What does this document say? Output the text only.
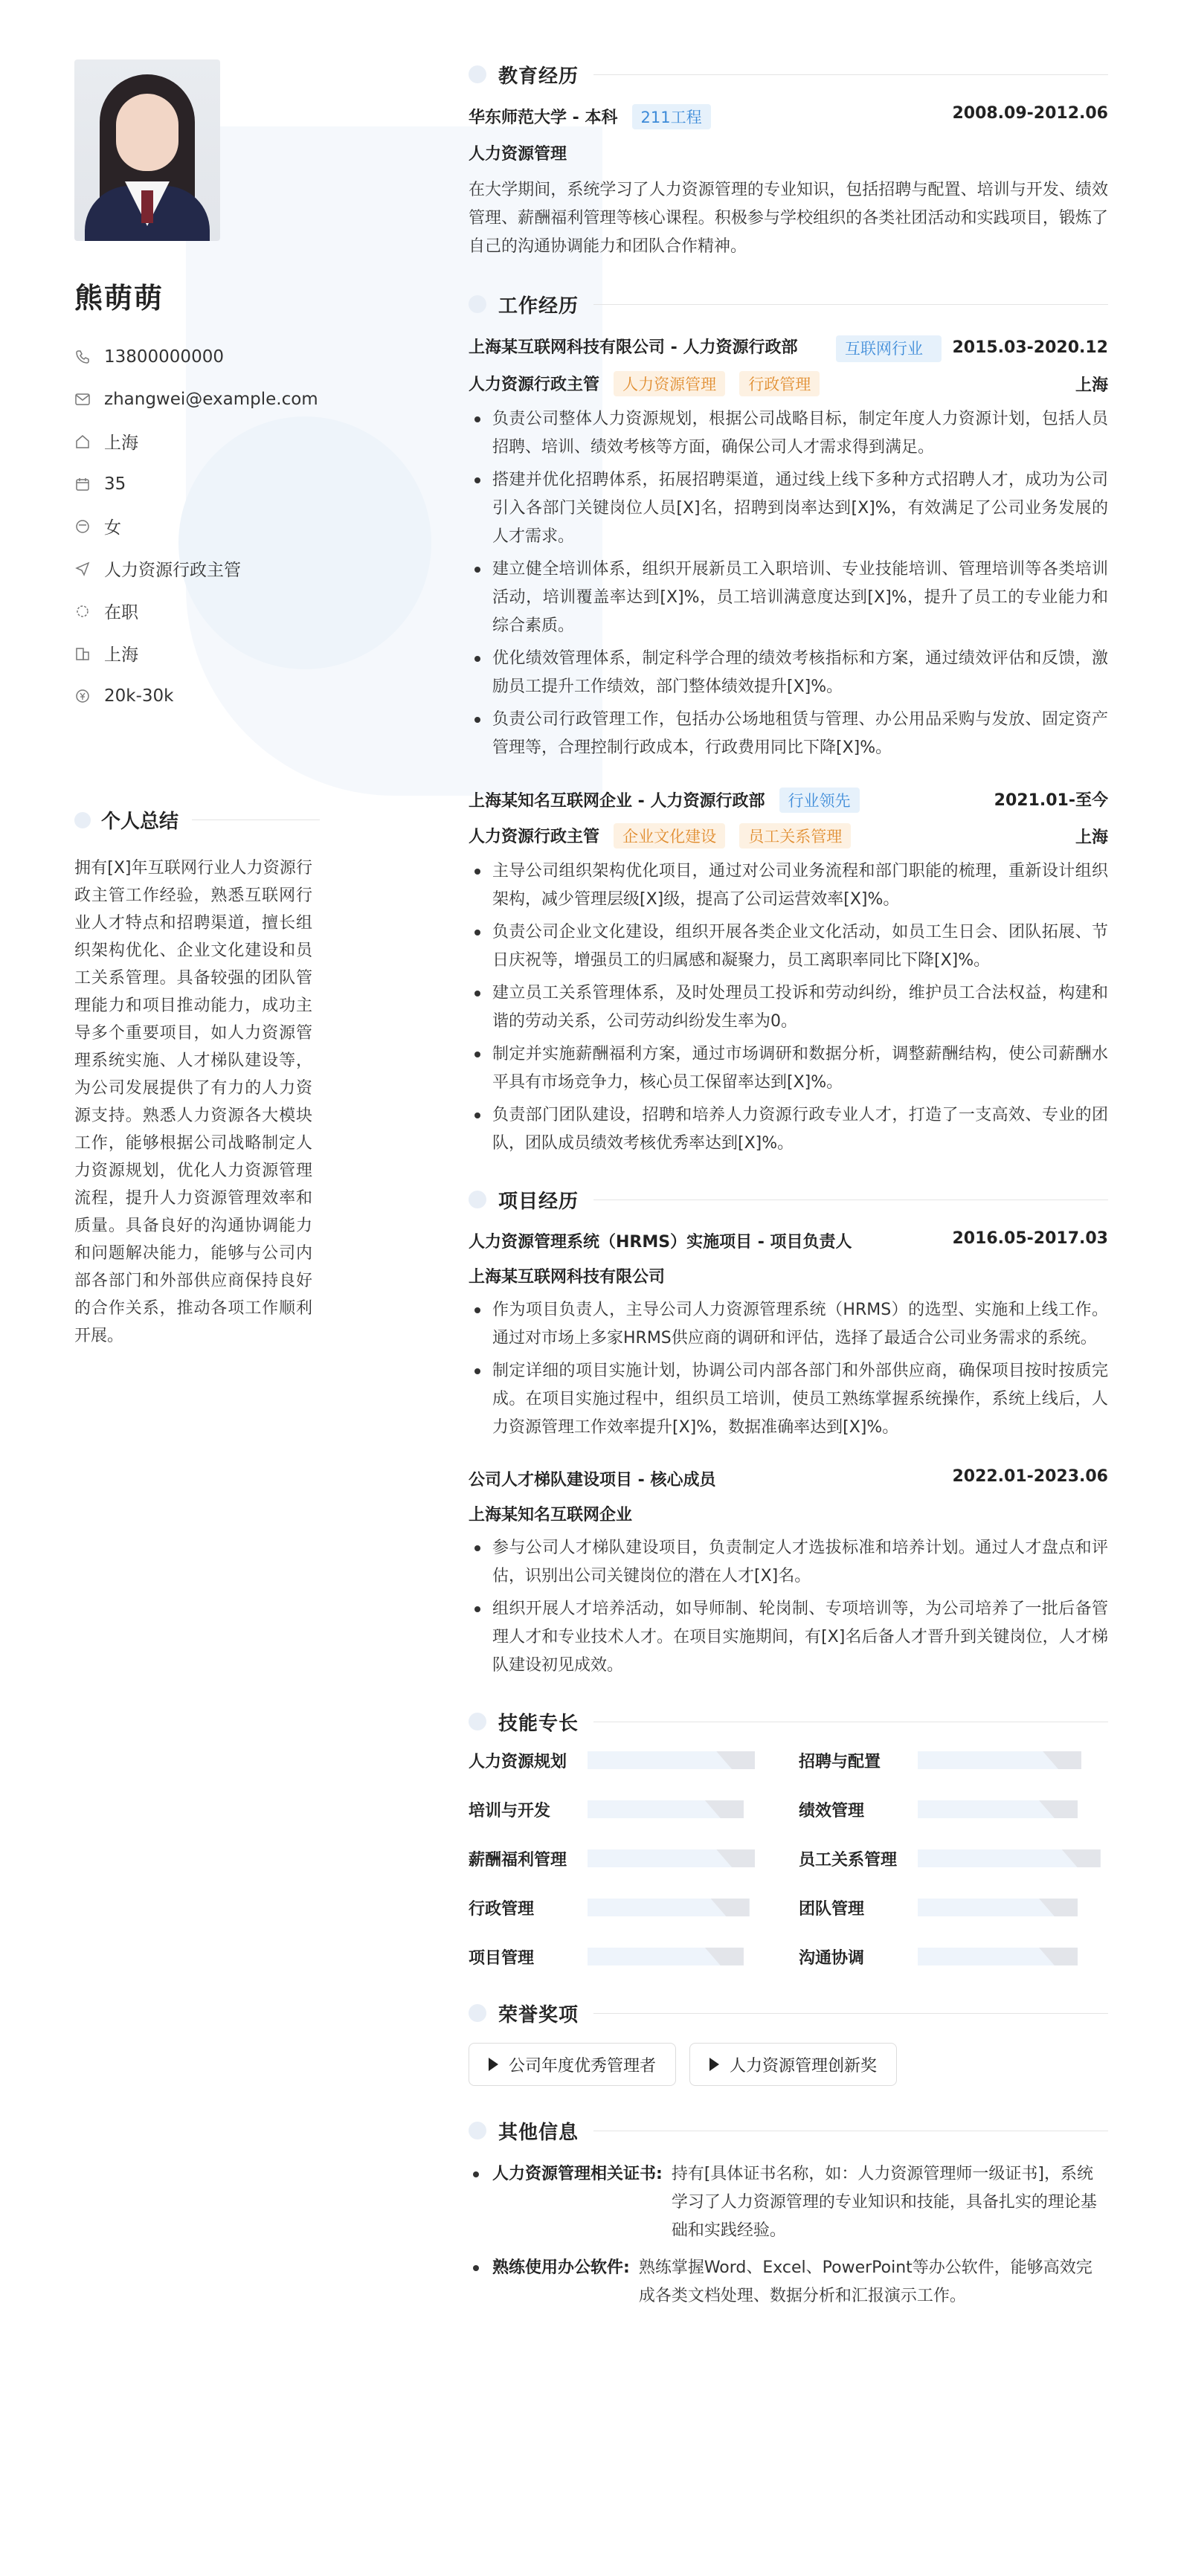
熊萌萌
13800000000
zhangwei@example.com
上海
35
女
人力资源行政主管
在职
上海
20k-30k
个人总结
拥有[X]年互联网行业人力资源行政主管工作经验，熟悉互联网行业人才特点和招聘渠道，擅长组织架构优化、企业文化建设和员工关系管理。具备较强的团队管理能力和项目推动能力，成功主导多个重要项目，如人力资源管理系统实施、人才梯队建设等，为公司发展提供了有力的人力资源支持。熟悉人力资源各大模块工作，能够根据公司战略制定人力资源规划，优化人力资源管理流程，提升人力资源管理效率和质量。具备良好的沟通协调能力和问题解决能力，能够与公司内部各部门和外部供应商保持良好的合作关系，推动各项工作顺利开展。
教育经历
华东师范大学 - 本科 211工程	2008.09-2012.06
人力资源管理
在大学期间，系统学习了人力资源管理的专业知识，包括招聘与配置、培训与开发、绩效管理、薪酬福利管理等核心课程。积极参与学校组织的各类社团活动和实践项目，锻炼了自己的沟通协调能力和团队合作精神。
工作经历
上海某互联网科技有限公司 - 人力资源行政部	互联网行业	2015.03-2020.12
人力资源行政主管 人力资源管理 行政管理	上海
负责公司整体人力资源规划，根据公司战略目标，制定年度人力资源计划，包括人员招聘、培训、绩效考核等方面，确保公司人才需求得到满足。
搭建并优化招聘体系，拓展招聘渠道，通过线上线下多种方式招聘人才，成功为公司引入各部门关键岗位人员[X]名，招聘到岗率达到[X]%，有效满足了公司业务发展的人才需求。
建立健全培训体系，组织开展新员工入职培训、专业技能培训、管理培训等各类培训活动，培训覆盖率达到[X]%，员工培训满意度达到[X]%，提升了员工的专业能力和综合素质。
优化绩效管理体系，制定科学合理的绩效考核指标和方案，通过绩效评估和反馈，激励员工提升工作绩效，部门整体绩效提升[X]%。
负责公司行政管理工作，包括办公场地租赁与管理、办公用品采购与发放、固定资产管理等，合理控制行政成本，行政费用同比下降[X]%。
上海某知名互联网企业 - 人力资源行政部 行业领先	2021.01-至今
人力资源行政主管 企业文化建设 员工关系管理	上海
主导公司组织架构优化项目，通过对公司业务流程和部门职能的梳理，重新设计组织架构，减少管理层级[X]级，提高了公司运营效率[X]%。
负责公司企业文化建设，组织开展各类企业文化活动，如员工生日会、团队拓展、节日庆祝等，增强员工的归属感和凝聚力，员工离职率同比下降[X]%。
建立员工关系管理体系，及时处理员工投诉和劳动纠纷，维护员工合法权益，构建和谐的劳动关系，公司劳动纠纷发生率为0。
制定并实施薪酬福利方案，通过市场调研和数据分析，调整薪酬结构，使公司薪酬水平具有市场竞争力，核心员工保留率达到[X]%。
负责部门团队建设，招聘和培养人力资源行政专业人才，打造了一支高效、专业的团队，团队成员绩效考核优秀率达到[X]%。
项目经历
人力资源管理系统（HRMS）实施项目 - 项目负责人	2016.05-2017.03
上海某互联网科技有限公司
作为项目负责人，主导公司人力资源管理系统（HRMS）的选型、实施和上线工作。通过对市场上多家HRMS供应商的调研和评估，选择了最适合公司业务需求的系统。
制定详细的项目实施计划，协调公司内部各部门和外部供应商，确保项目按时按质完成。在项目实施过程中，组织员工培训，使员工熟练掌握系统操作，系统上线后，人力资源管理工作效率提升[X]%，数据准确率达到[X]%。
公司人才梯队建设项目 - 核心成员	2022.01-2023.06
上海某知名互联网企业
参与公司人才梯队建设项目，负责制定人才选拔标准和培养计划。通过人才盘点和评估，识别出公司关键岗位的潜在人才[X]名。
组织开展人才培养活动，如导师制、轮岗制、专项培训等，为公司培养了一批后备管理人才和专业技术人才。在项目实施期间，有[X]名后备人才晋升到关键岗位，人才梯队建设初见成效。
技能专长
人力资源规划	招聘与配置
培训与开发	绩效管理
薪酬福利管理	员工关系管理
行政管理	团队管理
项目管理	沟通协调
荣誉奖项
公司年度优秀管理者	人力资源管理创新奖
其他信息
人力资源管理相关证书: 持有[具体证书名称，如：人力资源管理师一级证书]，系统学习了人力资源管理的专业知识和技能，具备扎实的理论基础和实践经验。
熟练使用办公软件: 熟练掌握Word、Excel、PowerPoint等办公软件，能够高效完成各类文档处理、数据分析和汇报演示工作。
